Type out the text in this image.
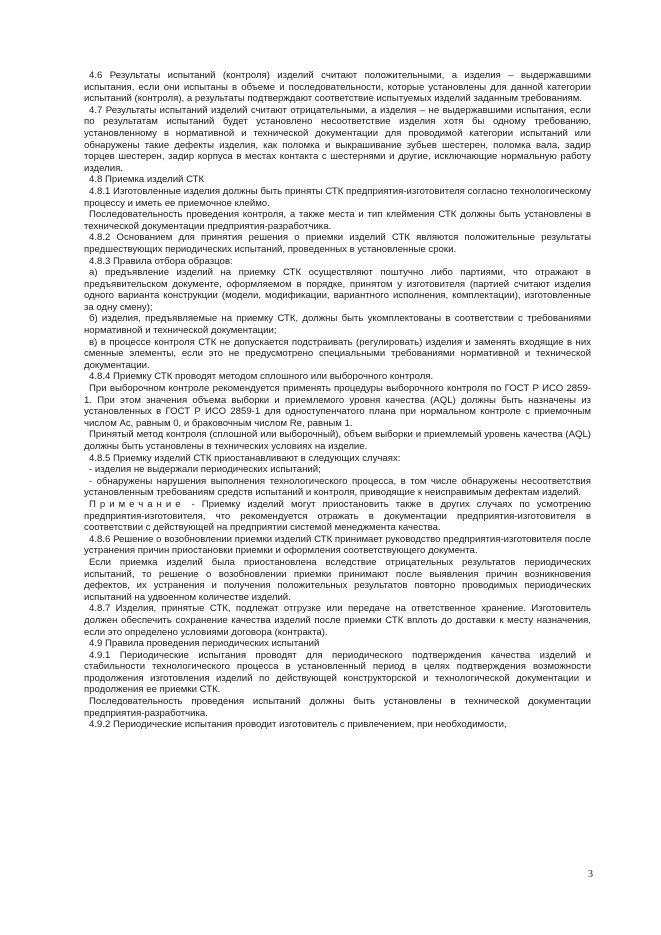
4.6 Результаты испытаний (контроля) изделий считают положительными, а изделия – выдержавшими испытания, если они испытаны в объеме и последовательности, которые установлены для данной категории испытаний (контроля), а результаты подтверждают соответствие испытуемых изделий заданным требованиям.

4.7 Результаты испытаний изделий считают отрицательными, а изделия – не выдержавшими испытания, если по результатам испытаний будет установлено несоответствие изделия хотя бы одному требованию, установленному в нормативной и технической документации для проводимой категории испытаний или обнаружены такие дефекты изделия, как поломка и выкрашивание зубьев шестерен, поломка вала, задир торцев шестерен, задир корпуса в местах контакта с шестернями и другие, исключающие нормальную работу изделия.

4.8 Приемка изделий СТК

4.8.1 Изготовленные изделия должны быть приняты СТК предприятия-изготовителя согласно технологическому процессу и иметь ее приемочное клеймо.

Последовательность проведения контроля, а также места и тип клеймения СТК должны быть установлены в технической документации предприятия-разработчика.

4.8.2 Основанием для принятия решения о приемки изделий СТК являются положительные результаты предшествующих периодических испытаний, проведенных в установленные сроки.

4.8.3 Правила отбора образцов:

а) предъявление изделий на приемку СТК осуществляют поштучно либо партиями, что отражают в предъявительском документе, оформляемом в порядке, принятом у изготовителя (партией считают изделия одного варианта конструкции (модели, модификации, вариантного исполнения, комплектации), изготовленные за одну смену);

б) изделия, предъявляемые на приемку СТК, должны быть укомплектованы в соответствии с требованиями нормативной и технической документации;

в) в процессе контроля СТК не допускается подстраивать (регулировать) изделия и заменять входящие в них сменные элементы, если это не предусмотрено специальными требованиями нормативной и технической документации.

4.8.4 Приемку СТК проводят методом сплошного или выборочного контроля.

При выборочном контроле рекомендуется применять процедуры выборочного контроля по ГОСТ Р ИСО 2859-1. При этом значения объема выборки и приемлемого уровня качества (AQL) должны быть назначены из установленных в ГОСТ Р ИСО 2859-1 для одноступенчатого плана при нормальном контроле с приемочным числом Ас, равным 0, и браковочным числом Re, равным 1.

Принятый метод контроля (сплошной или выборочный), объем выборки и приемлемый уровень качества (AQL) должны быть установлены в технических условиях на изделие.

4.8.5 Приемку изделий СТК приостанавливают в следующих случаях:

- изделия не выдержали периодических испытаний;

- обнаружены нарушения выполнения технологического процесса, в том числе обнаружены несоответствия установленным требованиям средств испытаний и контроля, приводящие к неисправимым дефектам изделий.

Примечание - Приемку изделий могут приостановить также в других случаях по усмотрению предприятия-изготовителя, что рекомендуется отражать в документации предприятия-изготовителя в соответствии с действующей на предприятии системой менеджмента качества.

4.8.6 Решение о возобновлении приемки изделий СТК принимает руководство предприятия-изготовителя после устранения причин приостановки приемки и оформления соответствующего документа.

Если приемка изделий была приостановлена вследствие отрицательных результатов периодических испытаний, то решение о возобновлении приемки принимают после выявления причин возникновения дефектов, их устранения и получения положительных результатов повторно проводимых периодических испытаний на удвоенном количестве изделий.

4.8.7 Изделия, принятые СТК, подлежат отгрузке или передаче на ответственное хранение. Изготовитель должен обеспечить сохранение качества изделий после приемки СТК вплоть до доставки к месту назначения, если это определено условиями договора (контракта).

4.9 Правила проведения периодических испытаний

4.9.1 Периодические испытания проводят для периодического подтверждения качества изделий и стабильности технологического процесса в установленный период в целях подтверждения возможности продолжения изготовления изделий по действующей конструкторской и технологической документации и продолжения ее приемки СТК.

Последовательность проведения испытаний должны быть установлены в технической документации предприятия-разработчика.

4.9.2 Периодические испытания проводит изготовитель с привлечением, при необходимости,

3
